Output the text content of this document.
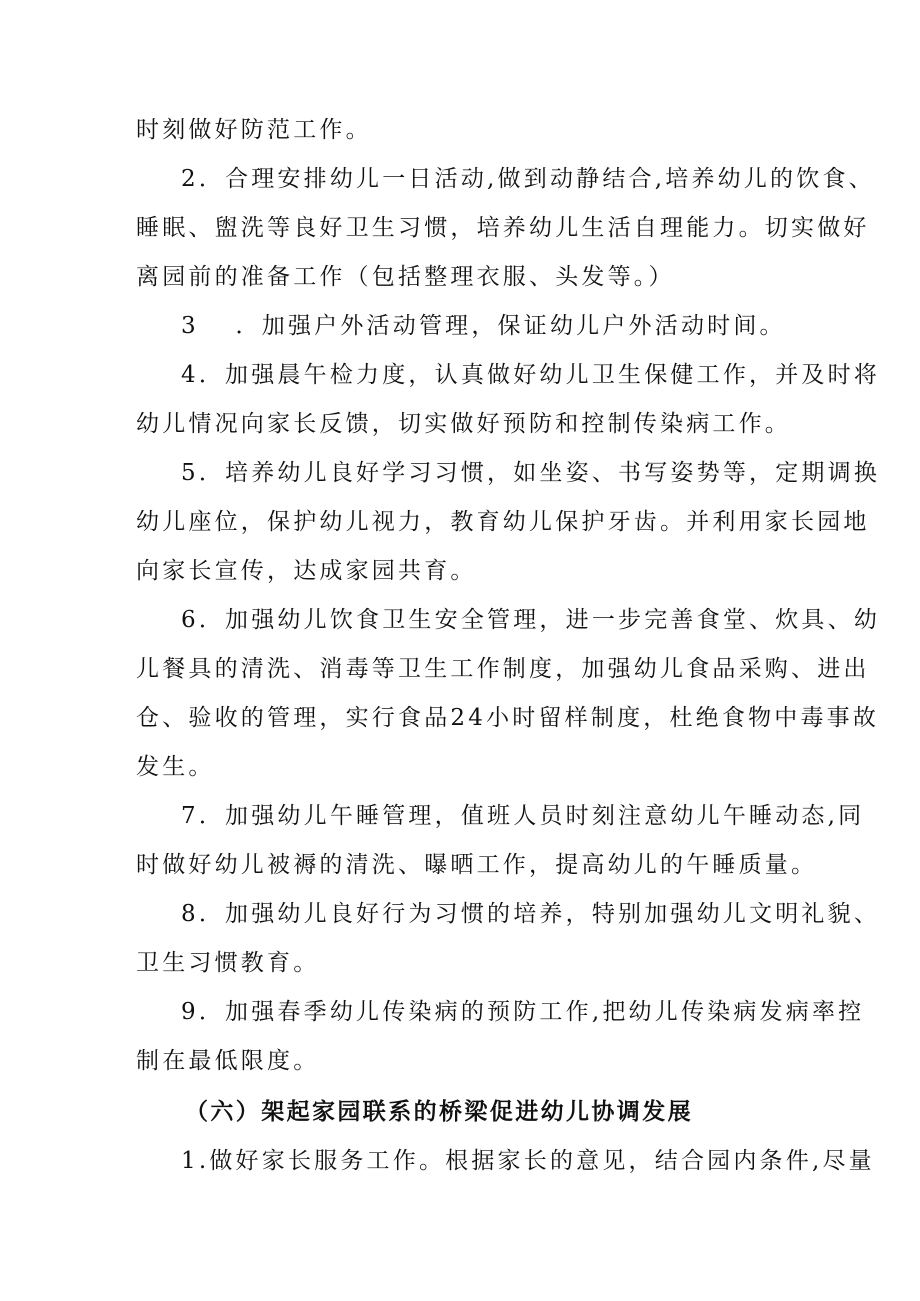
时刻做好防范工作。
2．合理安排幼儿一日活动,做到动静结合,培养幼儿的饮食、
睡眠、盥洗等良好卫生习惯，培养幼儿生活自理能力。切实做好
离园前的准备工作（包括整理衣服、头发等。）
3　 ．加强户外活动管理，保证幼儿户外活动时间。
4．加强晨午检力度，认真做好幼儿卫生保健工作，并及时将
幼儿情况向家长反馈，切实做好预防和控制传染病工作。
5．培养幼儿良好学习习惯，如坐姿、书写姿势等，定期调换
幼儿座位，保护幼儿视力，教育幼儿保护牙齿。并利用家长园地
向家长宣传，达成家园共育。
6．加强幼儿饮食卫生安全管理，进一步完善食堂、炊具、幼
儿餐具的清洗、消毒等卫生工作制度，加强幼儿食品采购、进出
仓、验收的管理，实行食品24小时留样制度，杜绝食物中毒事故
发生。
7．加强幼儿午睡管理，值班人员时刻注意幼儿午睡动态,同
时做好幼儿被褥的清洗、曝晒工作，提高幼儿的午睡质量。
8．加强幼儿良好行为习惯的培养，特别加强幼儿文明礼貌、
卫生习惯教育。
9．加强春季幼儿传染病的预防工作,把幼儿传染病发病率控
制在最低限度。
（六）架起家园联系的桥梁促进幼儿协调发展
1.做好家长服务工作。根据家长的意见，结合园内条件,尽量
